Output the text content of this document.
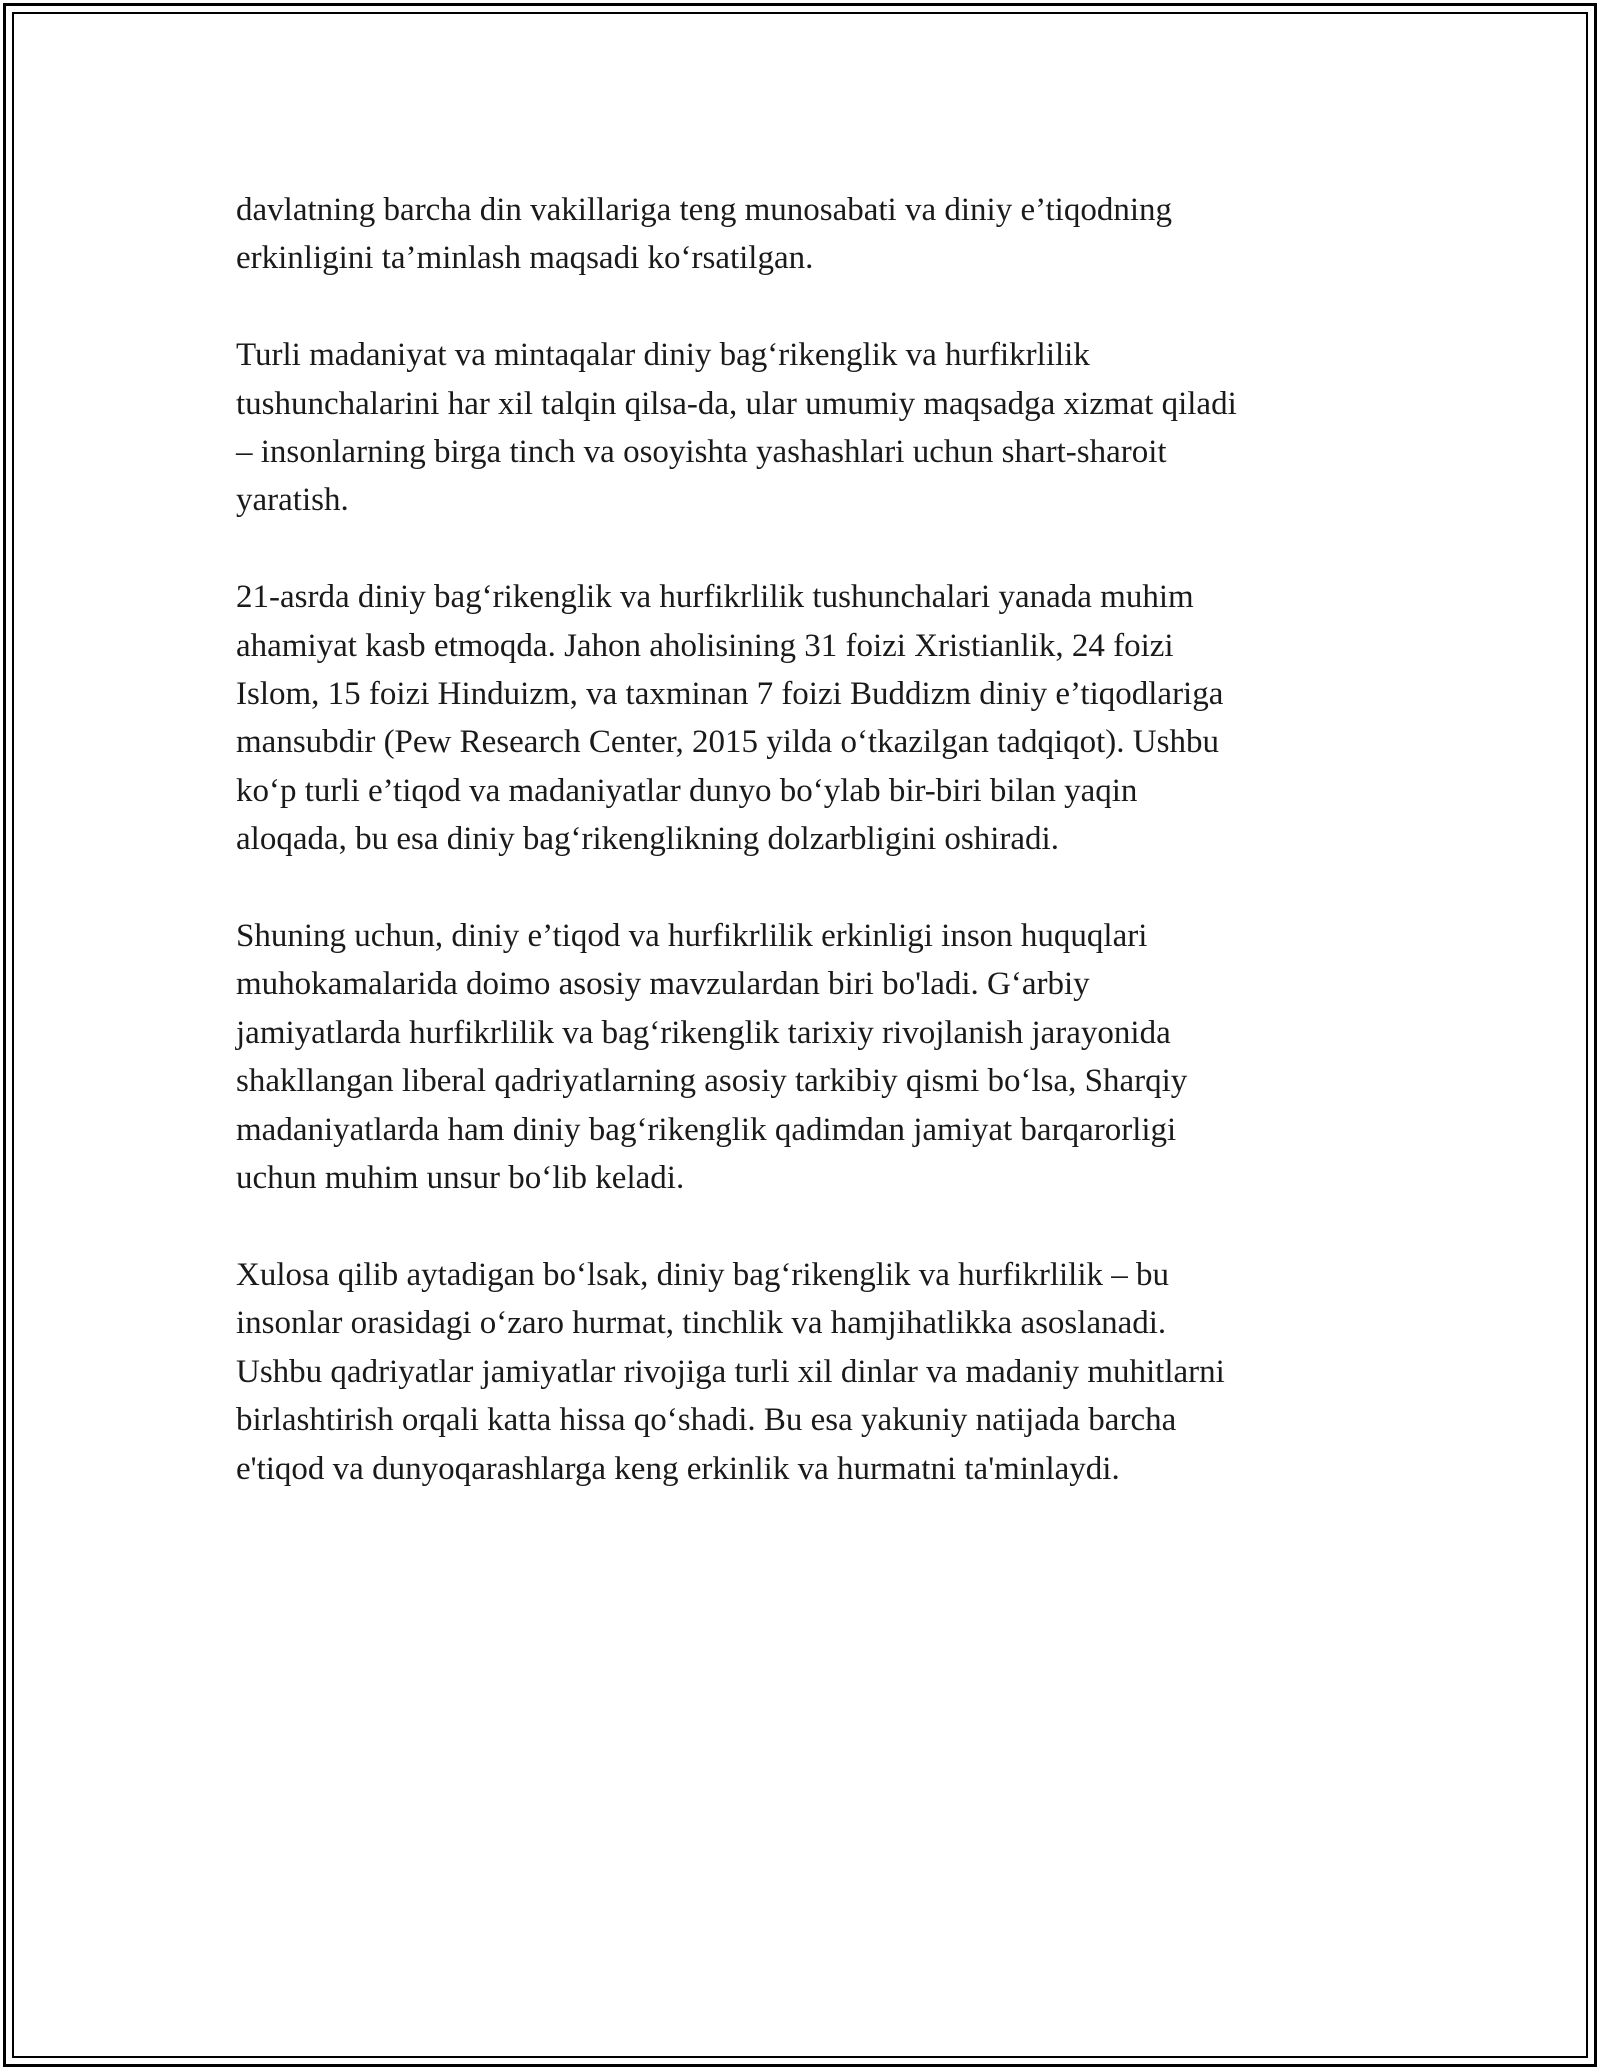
davlatning barcha din vakillariga teng munosabati va diniy e’tiqodning
erkinligini ta’minlash maqsadi ko‘rsatilgan.

Turli madaniyat va mintaqalar diniy bag‘rikenglik va hurfikrlilik
tushunchalarini har xil talqin qilsa-da, ular umumiy maqsadga xizmat qiladi
– insonlarning birga tinch va osoyishta yashashlari uchun shart-sharoit
yaratish.

21-asrda diniy bag‘rikenglik va hurfikrlilik tushunchalari yanada muhim
ahamiyat kasb etmoqda. Jahon aholisining 31 foizi Xristianlik, 24 foizi
Islom, 15 foizi Hinduizm, va taxminan 7 foizi Buddizm diniy e’tiqodlariga
mansubdir (Pew Research Center, 2015 yilda o‘tkazilgan tadqiqot). Ushbu
ko‘p turli e’tiqod va madaniyatlar dunyo bo‘ylab bir-biri bilan yaqin
aloqada, bu esa diniy bag‘rikenglikning dolzarbligini oshiradi.

Shuning uchun, diniy e’tiqod va hurfikrlilik erkinligi inson huquqlari
muhokamalarida doimo asosiy mavzulardan biri bo'ladi. G‘arbiy
jamiyatlarda hurfikrlilik va bag‘rikenglik tarixiy rivojlanish jarayonida
shakllangan liberal qadriyatlarning asosiy tarkibiy qismi bo‘lsa, Sharqiy
madaniyatlarda ham diniy bag‘rikenglik qadimdan jamiyat barqarorligi
uchun muhim unsur bo‘lib keladi.

Xulosa qilib aytadigan bo‘lsak, diniy bag‘rikenglik va hurfikrlilik – bu
insonlar orasidagi o‘zaro hurmat, tinchlik va hamjihatlikka asoslanadi.
Ushbu qadriyatlar jamiyatlar rivojiga turli xil dinlar va madaniy muhitlarni
birlashtirish orqali katta hissa qo‘shadi. Bu esa yakuniy natijada barcha
e'tiqod va dunyoqarashlarga keng erkinlik va hurmatni ta'minlaydi.
